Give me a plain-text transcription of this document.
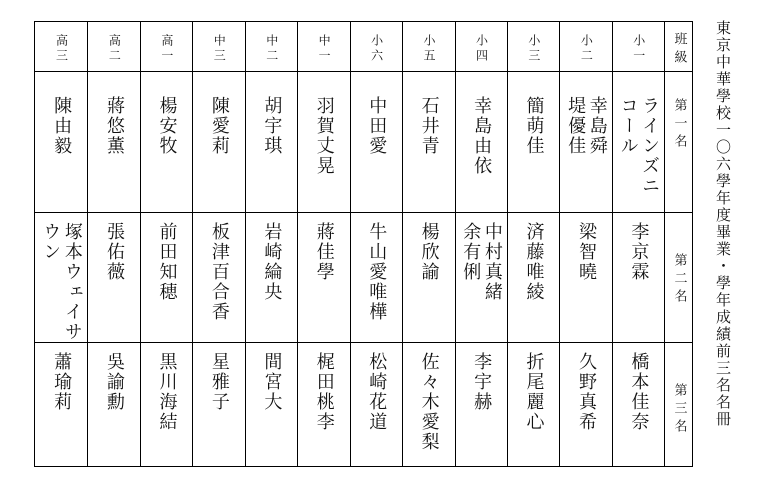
東京中華學校一〇六學年度畢業・學年成績前三名名冊
班級
第一名
第二名
第三名
小一
ラインズニコール
李京霖
橋本佳奈
小二
幸島舜
堤優佳
梁智曉
久野真希
小三
簡萌佳
済藤唯綾
折尾麗心
小四
幸島由依
中村真緒
余有俐
李宇赫
小五
石井青
楊欣諭
佐々木愛梨
小六
中田愛
牛山愛唯樺
松崎花道
中一
羽賀丈晃
蔣佳學
梶田桃李
中二
胡宇琪
岩崎綸央
間宮大
中三
陳愛莉
板津百合香
星雅子
高一
楊安牧
前田知穂
黒川海結
高二
蔣悠薫
張佑薇
吳諭勳
高三
陳由毅
塚本ウェイサウン
蕭瑜莉
